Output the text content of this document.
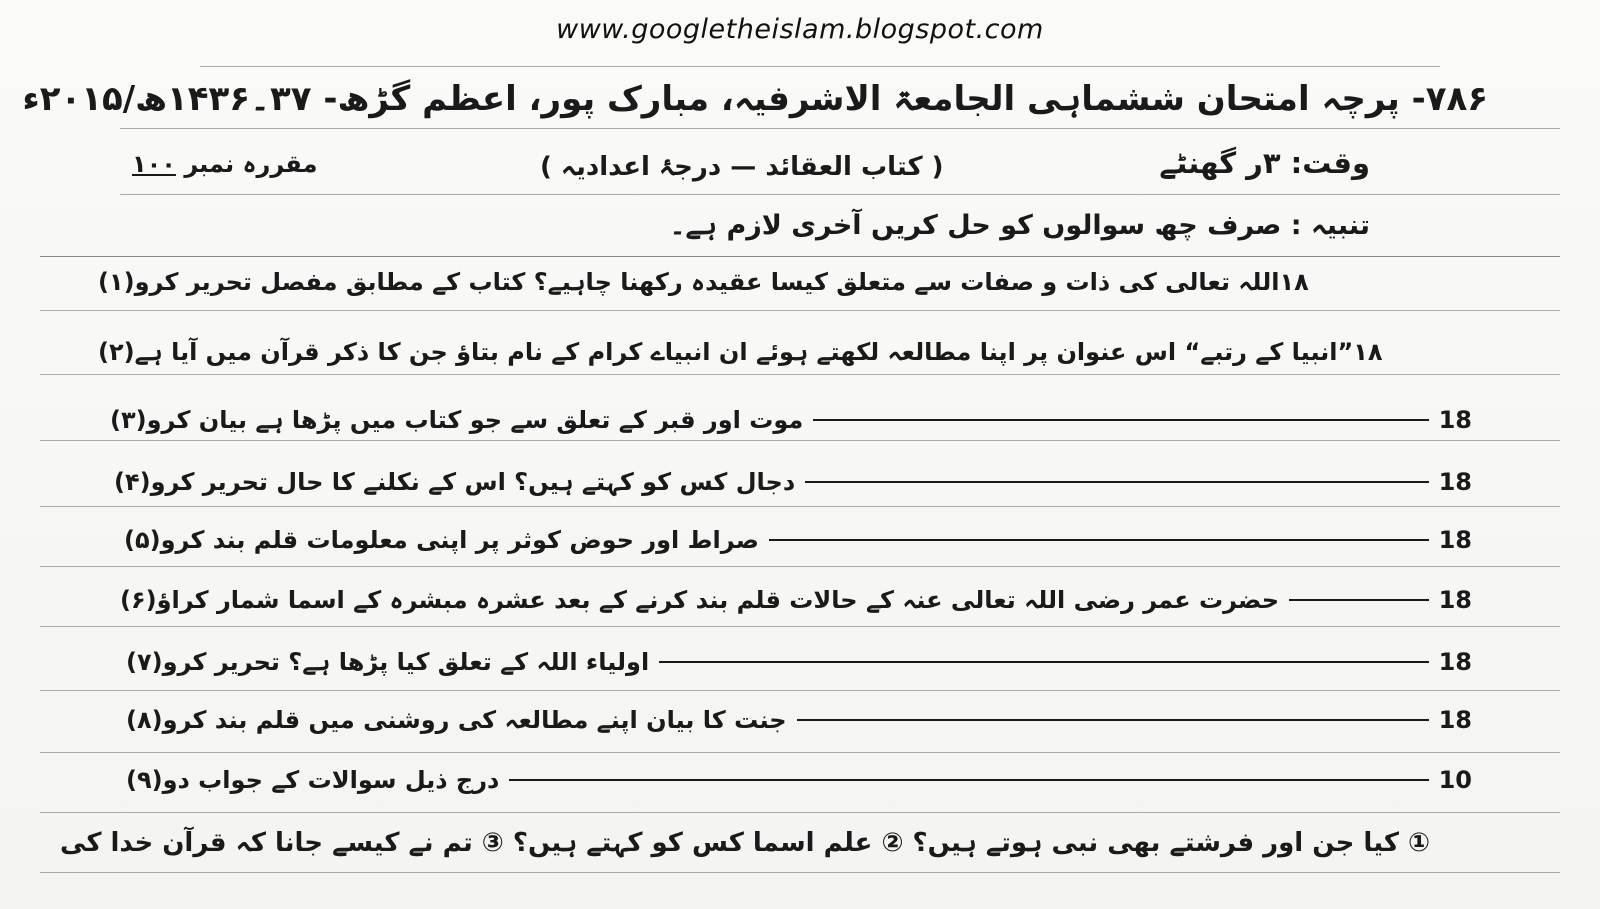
www.googletheislam.blogspot.com
۷۸۶- پرچہ امتحان ششماہی الجامعۃ الاشرفیہ، مبارک پور، اعظم گڑھ- ۳۷۔۱۴۳۶ھ/۲۰۱۵ء
مقررہ نمبر ۱۰۰	( کتاب العقائد — درجۂ اعدادیہ )	وقت: ۳ر گھنٹے
تنبیہ : صرف چھ سوالوں کو حل کریں آخری لازم ہے۔
(۱) اللہ تعالی کی ذات و صفات سے متعلق کیسا عقیدہ رکھنا چاہیے؟ کتاب کے مطابق مفصل تحریر کرو ۱۸
(۲) ”انبیا کے رتبے“ اس عنوان پر اپنا مطالعہ لکھتے ہوئے ان انبیاے کرام کے نام بتاؤ جن کا ذکر قرآن میں آیا ہے ۱۸
(۳) موت اور قبر کے تعلق سے جو کتاب میں پڑھا ہے بیان کرو	18
(۴) دجال کس کو کہتے ہیں؟ اس کے نکلنے کا حال تحریر کرو	18
(۵) صراط اور حوض کوثر پر اپنی معلومات قلم بند کرو	18
(۶) حضرت عمر رضی اللہ تعالی عنہ کے حالات قلم بند کرنے کے بعد عشرہ مبشرہ کے اسما شمار کراؤ	18
(۷) اولیاء اللہ کے تعلق کیا پڑھا ہے؟ تحریر کرو	18
(۸) جنت کا بیان اپنے مطالعہ کی روشنی میں قلم بند کرو	18
(۹) درج ذیل سوالات کے جواب دو	10
① کیا جن اور فرشتے بھی نبی ہوتے ہیں؟ ② علم اسما کس کو کہتے ہیں؟ ③ تم نے کیسے جانا کہ قرآن خدا کی
